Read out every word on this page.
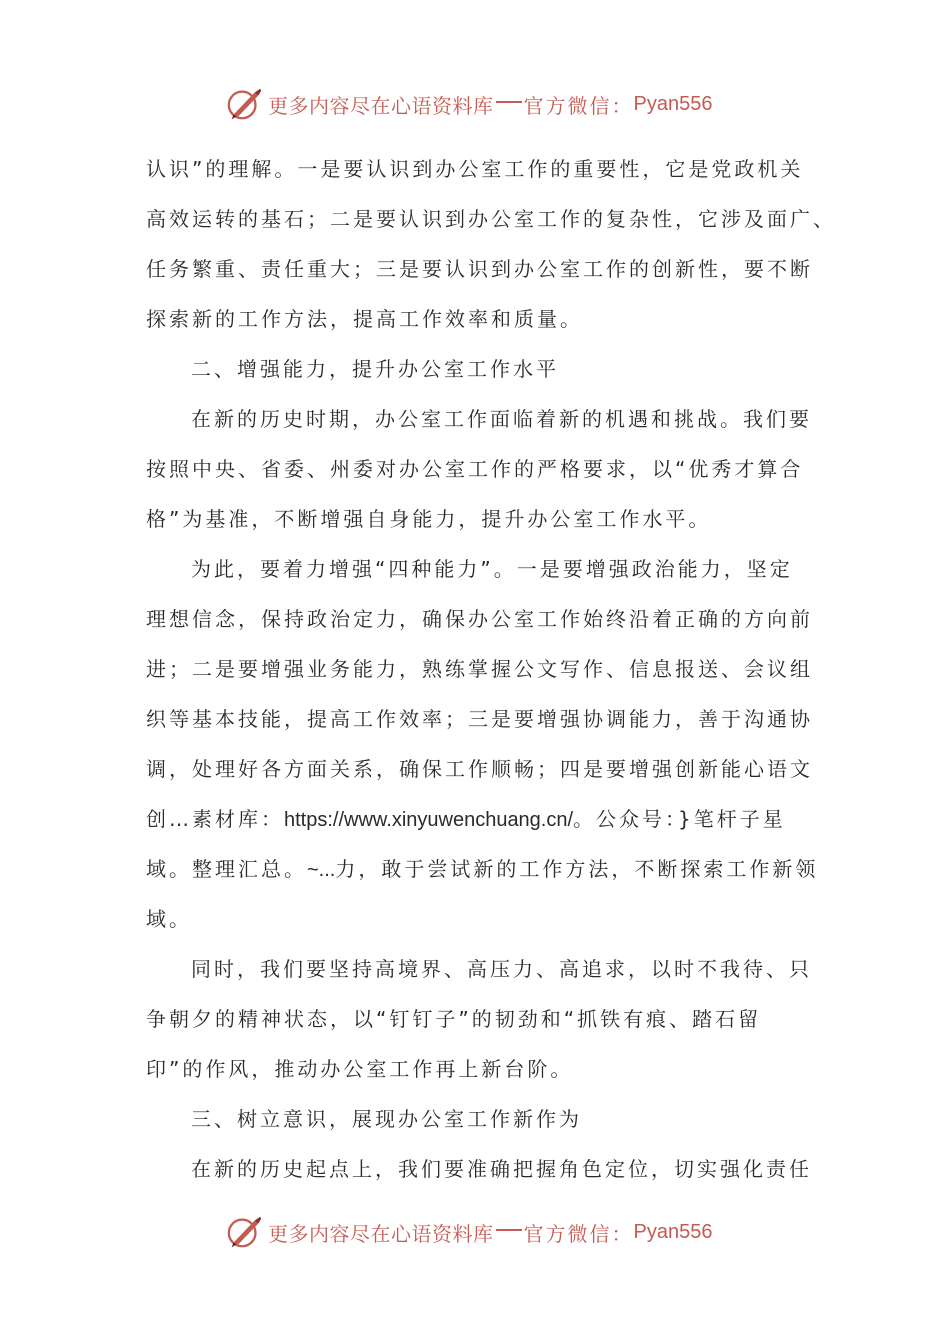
更多内容尽在心语资料库 官方微信： Pyan556
认识”的理解。一是要认识到办公室工作的重要性，它是党政机关
高效运转的基石；二是要认识到办公室工作的复杂性，它涉及面广、
任务繁重、责任重大；三是要认识到办公室工作的创新性，要不断
探索新的工作方法，提高工作效率和质量。
二、增强能力，提升办公室工作水平
在新的历史时期，办公室工作面临着新的机遇和挑战。我们要
按照中央、省委、州委对办公室工作的严格要求，以“优秀才算合
格”为基准，不断增强自身能力，提升办公室工作水平。
为此，要着力增强“四种能力”。一是要增强政治能力，坚定
理想信念，保持政治定力，确保办公室工作始终沿着正确的方向前
进；二是要增强业务能力，熟练掌握公文写作、信息报送、会议组
织等基本技能，提高工作效率；三是要增强协调能力，善于沟通协
调，处理好各方面关系，确保工作顺畅；四是要增强创新能心语文
创…素材库：https://www.xinyuwenchuang.cn/。公众号：}笔杆子星
域。整理汇总。~...力，敢于尝试新的工作方法，不断探索工作新领
域。
同时，我们要坚持高境界、高压力、高追求，以时不我待、只
争朝夕的精神状态，以“钉钉子”的韧劲和“抓铁有痕、踏石留
印”的作风，推动办公室工作再上新台阶。
三、树立意识，展现办公室工作新作为
在新的历史起点上，我们要准确把握角色定位，切实强化责任
更多内容尽在心语资料库 官方微信： Pyan556
